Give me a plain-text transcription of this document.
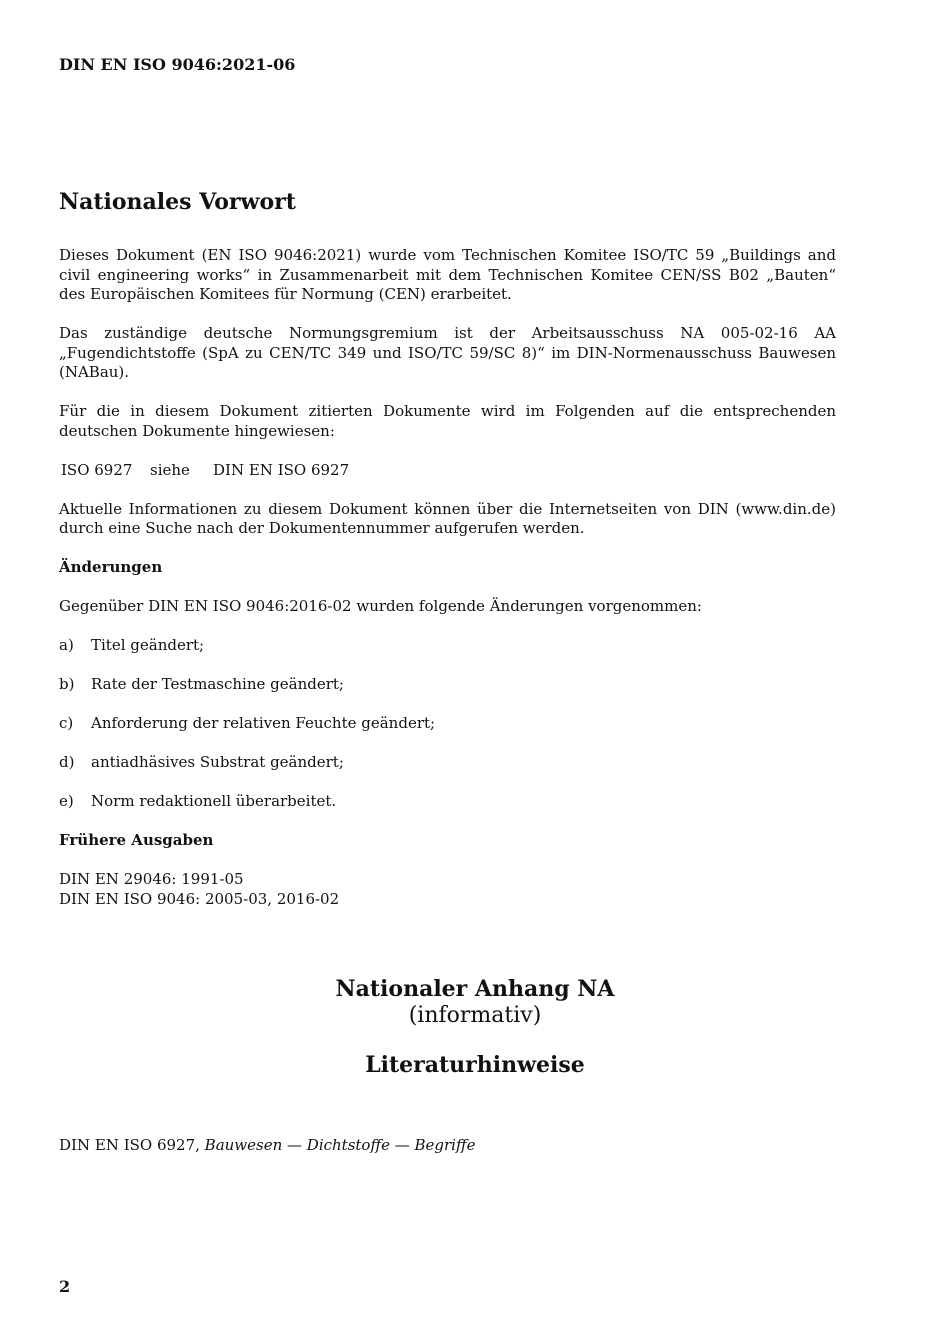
DIN EN ISO 9046:2021-06
Nationales Vorwort

Dieses Dokument (EN ISO 9046:2021) wurde vom Technischen Komitee ISO/TC 59 „Buildings and civil engineering works“ in Zusammenarbeit mit dem Technischen Komitee CEN/SS B02 „Bauten“ des Europäischen Komitees für Normung (CEN) erarbeitet.

Das zuständige deutsche Normungsgremium ist der Arbeitsausschuss NA 005-02-16 AA „Fugendichtstoffe (SpA zu CEN/TC 349 und ISO/TC 59/SC 8)“ im DIN-Normenausschuss Bauwesen (NABau).

Für die in diesem Dokument zitierten Dokumente wird im Folgenden auf die entsprechenden deutschen Dokumente hingewiesen:

ISO 6927	siehe	DIN EN ISO 6927

Aktuelle Informationen zu diesem Dokument können über die Internetseiten von DIN (www.din.de) durch eine Suche nach der Dokumentennummer aufgerufen werden.

Änderungen

Gegenüber DIN EN ISO 9046:2016-02 wurden folgende Änderungen vorgenommen:

a)	Titel geändert;
b)	Rate der Testmaschine geändert;
c)	Anforderung der relativen Feuchte geändert;
d)	antiadhäsives Substrat geändert;
e)	Norm redaktionell überarbeitet.
Frühere Ausgaben

DIN EN 29046: 1991-05

DIN EN ISO 9046: 2005-03, 2016-02

Nationaler Anhang NA
(informativ)
Literaturhinweise
DIN EN ISO 6927, Bauwesen — Dichtstoffe — Begriffe
2
